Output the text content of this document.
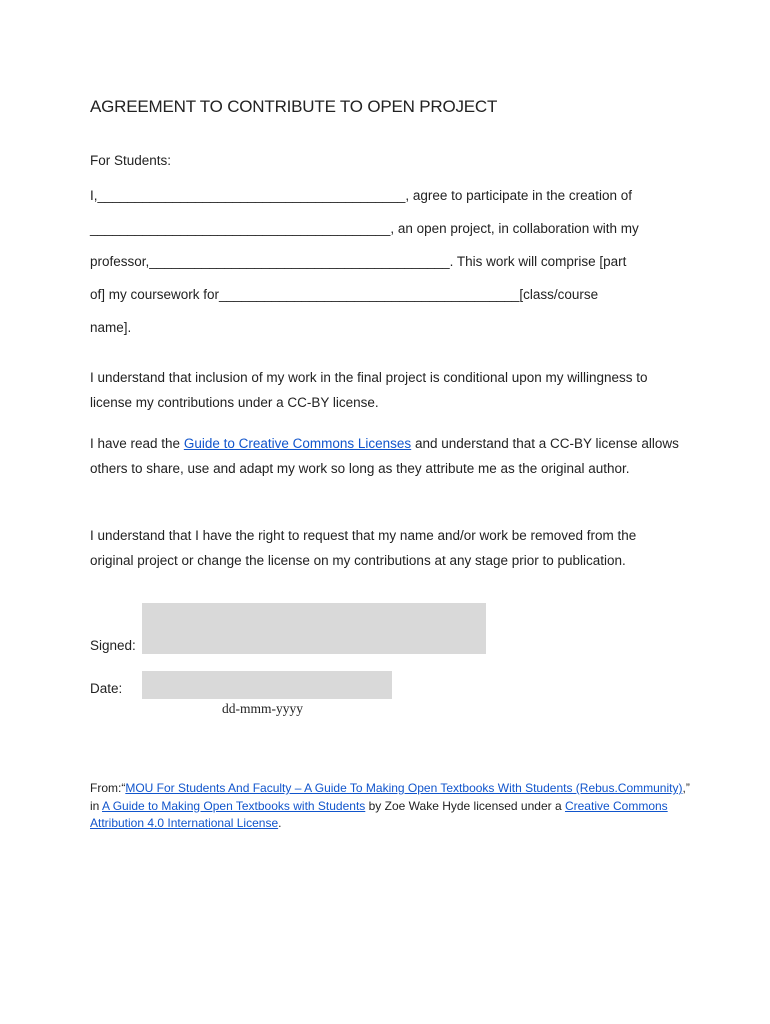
AGREEMENT TO CONTRIBUTE TO OPEN PROJECT
For Students:
I,_________________________________________, agree to participate in the creation of
________________________________________, an open project, in collaboration with my
professor,________________________________________. This work will comprise [part
of] my coursework for________________________________________[class/course
name].
I understand that inclusion of my work in the final project is conditional upon my willingness to license my contributions under a CC-BY license.
I have read the Guide to Creative Commons Licenses and understand that a CC-BY license allows others to share, use and adapt my work so long as they attribute me as the original author.
I understand that I have the right to request that my name and/or work be removed from the original project or change the license on my contributions at any stage prior to publication.
Signed:
Date:
dd-mmm-yyyy
From:“MOU For Students And Faculty – A Guide To Making Open Textbooks With Students (Rebus.Community),” in A Guide to Making Open Textbooks with Students by Zoe Wake Hyde licensed under a Creative Commons Attribution 4.0 International License.
